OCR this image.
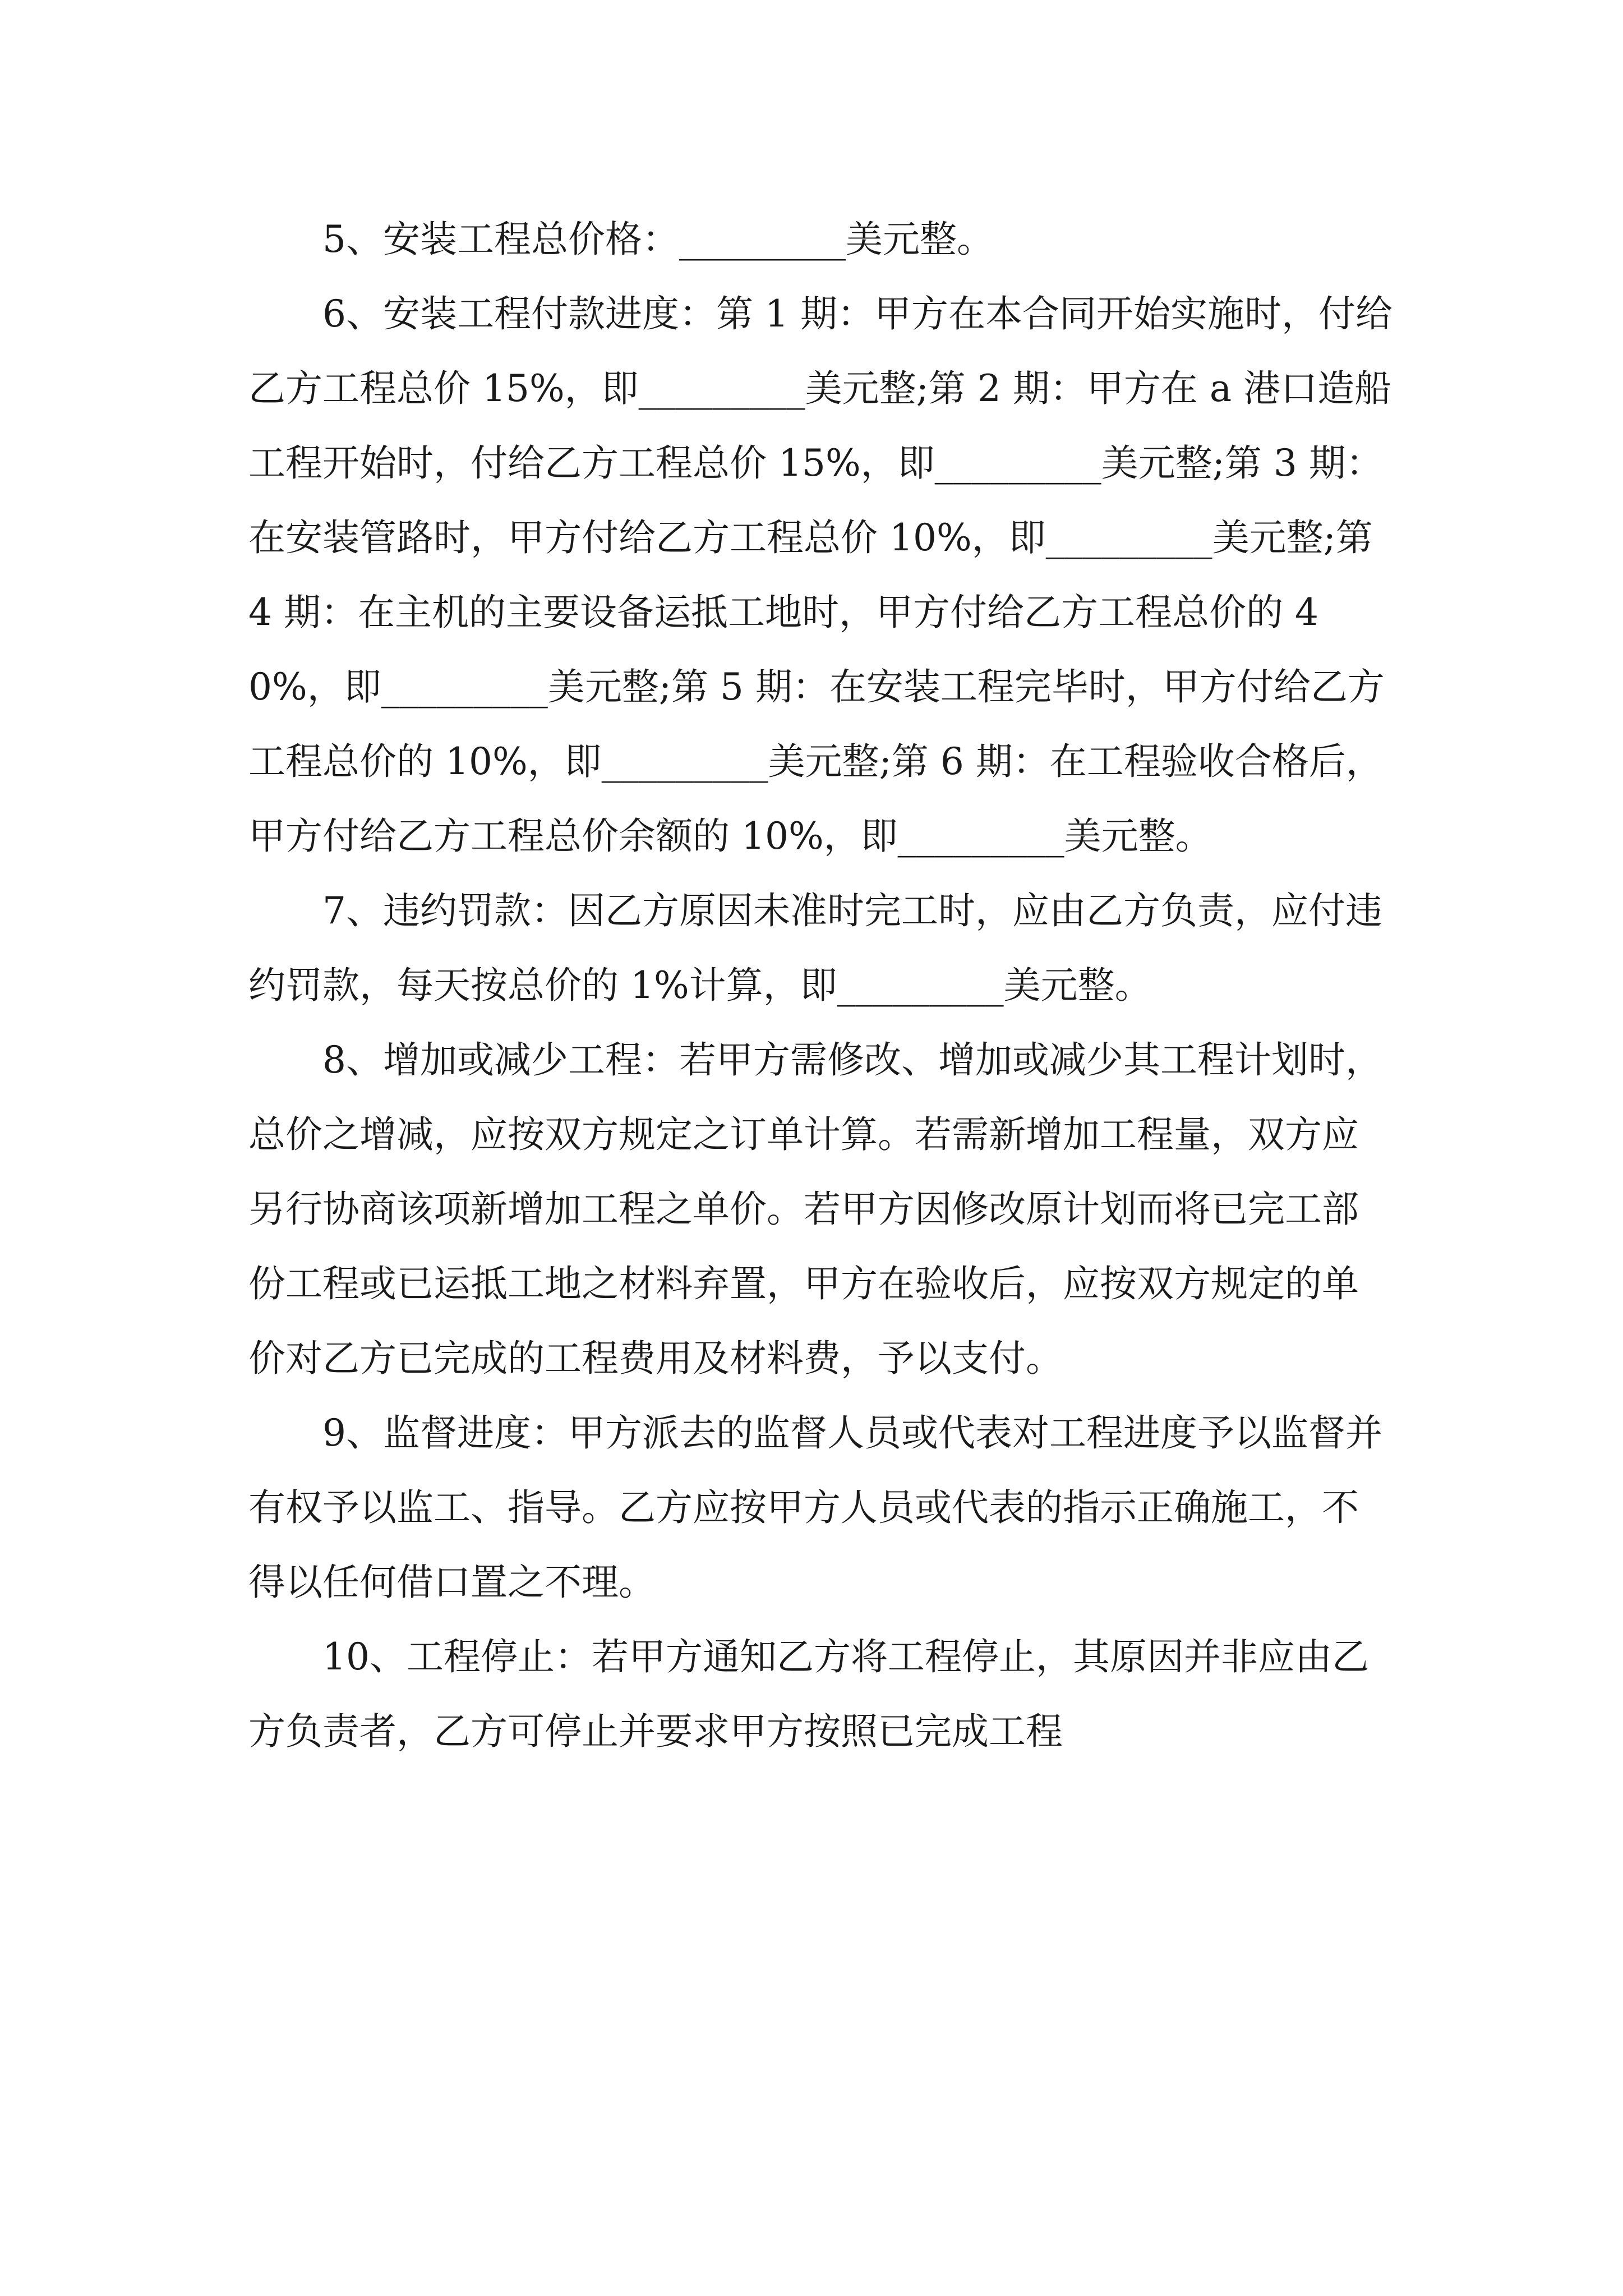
5、安装工程总价格：_________美元整。

6、安装工程付款进度：第 1 期：甲方在本合同开始实施时，付给乙方工程总价 15%，即_________美元整;第 2 期：甲方在 a 港口造船工程开始时，付给乙方工程总价 15%，即_________美元整;第 3 期：在安装管路时，甲方付给乙方工程总价 10%，即_________美元整;第 4 期：在主机的主要设备运抵工地时，甲方付给乙方工程总价的 40%，即_________美元整;第 5 期：在安装工程完毕时，甲方付给乙方工程总价的 10%，即_________美元整;第 6 期：在工程验收合格后，甲方付给乙方工程总价余额的 10%，即_________美元整。

7、违约罚款：因乙方原因未准时完工时，应由乙方负责，应付违约罚款，每天按总价的 1%计算，即_________美元整。

8、增加或减少工程：若甲方需修改、增加或减少其工程计划时，总价之增减，应按双方规定之订单计算。若需新增加工程量，双方应另行协商该项新增加工程之单价。若甲方因修改原计划而将已完工部份工程或已运抵工地之材料弃置，甲方在验收后，应按双方规定的单价对乙方已完成的工程费用及材料费，予以支付。

9、监督进度：甲方派去的监督人员或代表对工程进度予以监督并有权予以监工、指导。乙方应按甲方人员或代表的指示正确施工，不得以任何借口置之不理。

10、工程停止：若甲方通知乙方将工程停止，其原因并非应由乙方负责者，乙方可停止并要求甲方按照已完成工程
